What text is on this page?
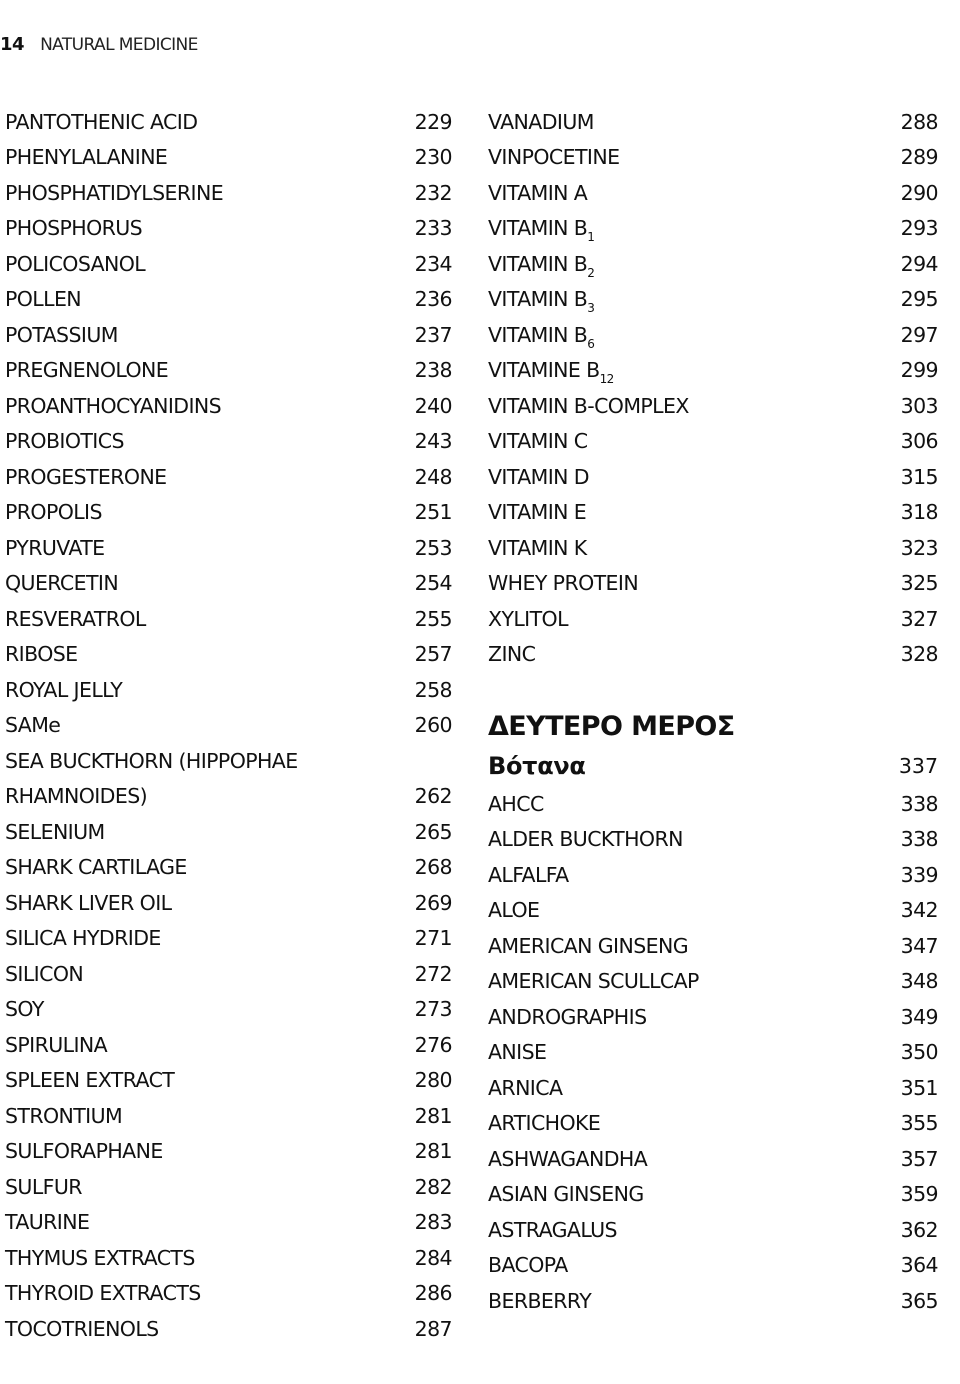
14 NATURAL MEDICINE
PANTOTHENIC ACID	229
PHENYLALANINE	230
PHOSPHATIDYLSERINE	232
PHOSPHORUS	233
POLICOSANOL	234
POLLEN	236
POTASSIUM	237
PREGNENOLONE	238
PROANTHOCYANIDINS	240
PROBIOTICS	243
PROGESTERONE	248
PROPOLIS	251
PYRUVATE	253
QUERCETIN	254
RESVERATROL	255
RIBOSE	257
ROYAL JELLY	258
SAMe	260
SEA BUCKTHORN (HIPPOPHAE
RHAMNOIDES)	262
SELENIUM	265
SHARK CARTILAGE	268
SHARK LIVER OIL	269
SILICA HYDRIDE	271
SILICON	272
SOY	273
SPIRULINA	276
SPLEEN EXTRACT	280
STRONTIUM	281
SULFORAPHANE	281
SULFUR	282
TAURINE	283
THYMUS EXTRACTS	284
THYROID EXTRACTS	286
TOCOTRIENOLS	287
VANADIUM	288
VINPOCETINE	289
VITAMIN A	290
VITAMIN $B_1$	293
VITAMIN $B_2$	294
VITAMIN $B_3$	295
VITAMIN $B_6$	297
VITAMINE $B_{12}$	299
VITAMIN B-COMPLEX	303
VITAMIN C	306
VITAMIN D	315
VITAMIN E	318
VITAMIN K	323
WHEY PROTEIN	325
XYLITOL	327
ZINC	328
ΔΕΥΤΕΡΟ ΜΕΡΟΣ
Βότανα	337
AHCC	338
ALDER BUCKTHORN	338
ALFALFA	339
ALOE	342
AMERICAN GINSENG	347
AMERICAN SCULLCAP	348
ANDROGRAPHIS	349
ANISE	350
ARNICA	351
ARTICHOKE	355
ASHWAGANDHA	357
ASIAN GINSENG	359
ASTRAGALUS	362
BACOPA	364
BERBERRY	365
